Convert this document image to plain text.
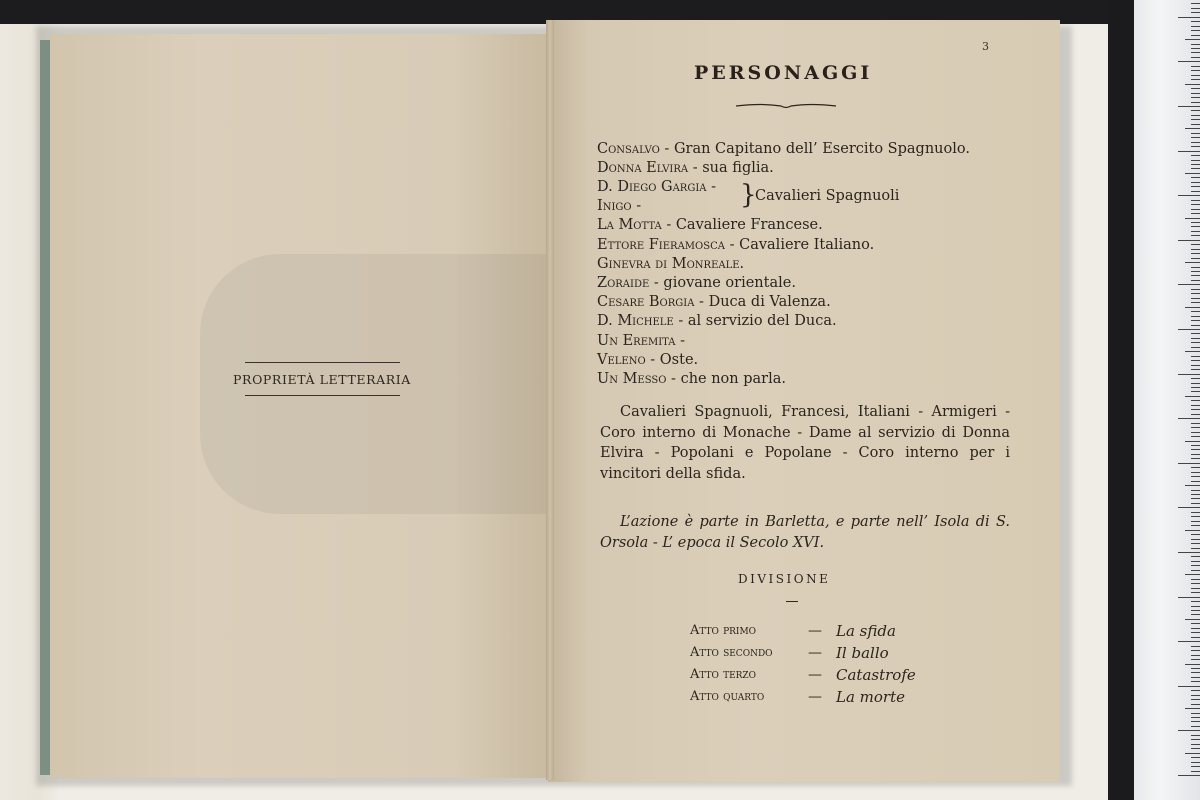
PROPRIETÀ LETTERARIA
3
PERSONAGGI
Consalvo - Gran Capitano dell’ Esercito Spagnuolo.
Donna Elvira - sua figlia.
D. Diego Gargia -
Inigo -	}
Cavalieri Spagnuoli
La Motta - Cavaliere Francese.
Ettore Fieramosca - Cavaliere Italiano.
Ginevra di Monreale.
Zoraide - giovane orientale.
Cesare Borgia - Duca di Valenza.
D. Michele - al servizio del Duca.
Un Eremita -
Veleno - Oste.
Un Messo - che non parla.
Cavalieri Spagnuoli, Francesi, Italiani - Armigeri - Coro interno di Monache - Dame al servizio di Donna Elvira - Popolani e Popolane - Coro interno per i vincitori della sfida.
L’azione è parte in Barletta, e parte nell’ Isola di S. Orsola - L’ epoca il Secolo XVI.
DIVISIONE
Atto primo	— La sfida
Atto secondo	— Il ballo
Atto terzo	— Catastrofe
Atto quarto	— La morte
